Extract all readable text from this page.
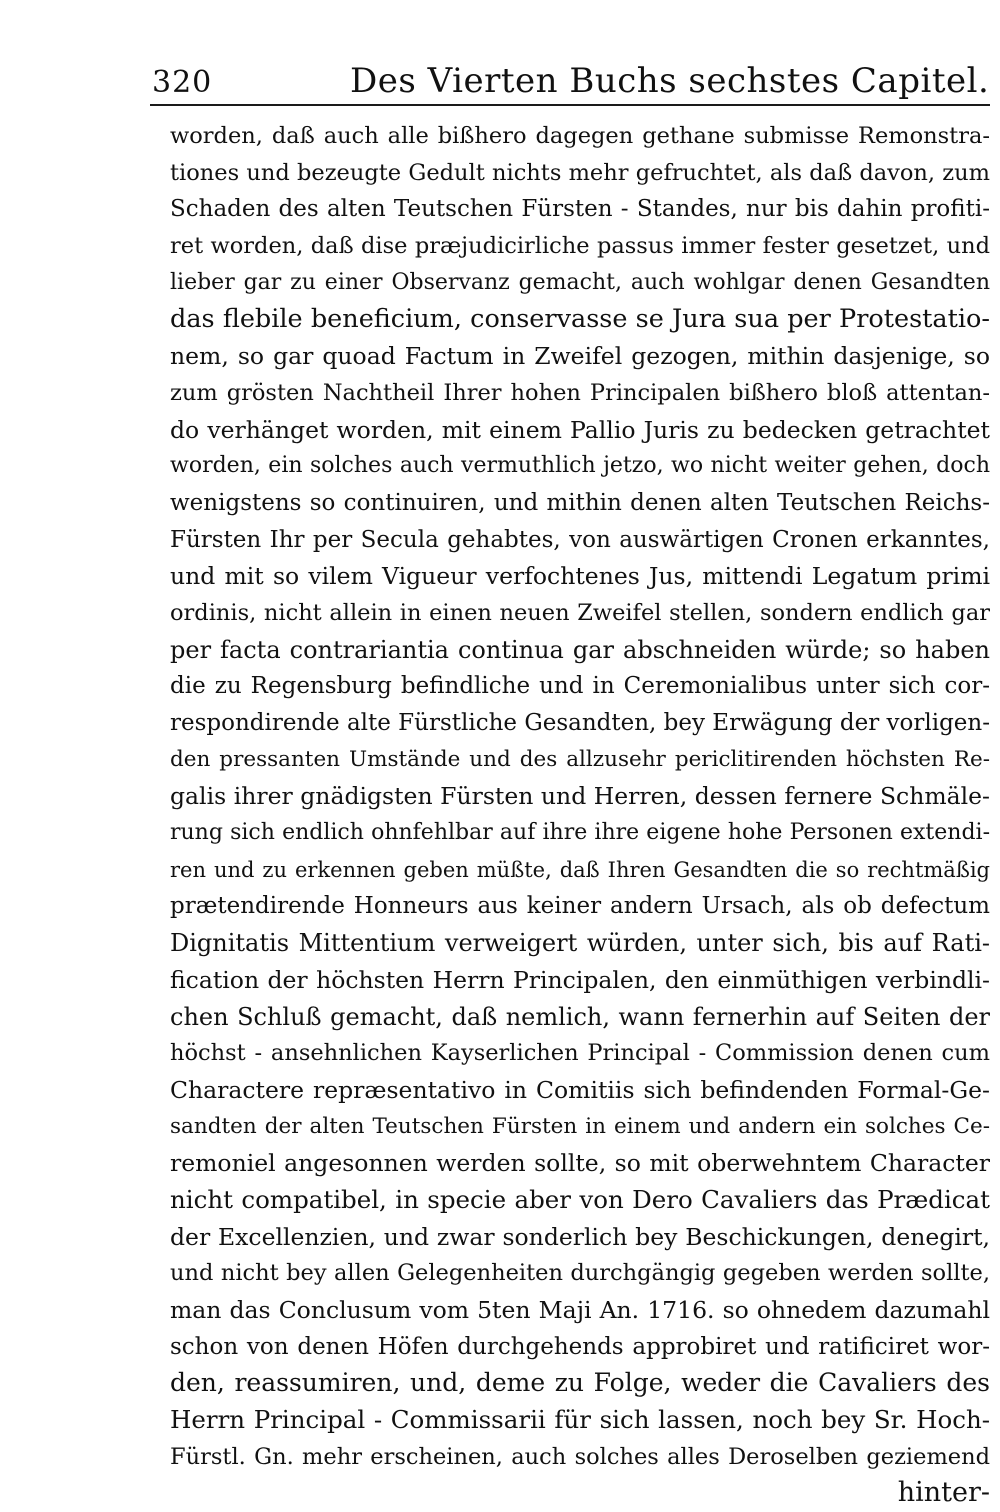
320	Des Vierten Buchs sechstes Capitel.
worden, daß auch alle bißhero dagegen gethane submisse Remonstra-
tiones und bezeugte Gedult nichts mehr gefruchtet, als daß davon, zum
Schaden des alten Teutschen Fürsten - Standes, nur bis dahin profiti-
ret worden, daß dise præjudicirliche passus immer fester gesetzet, und
lieber gar zu einer Observanz gemacht, auch wohlgar denen Gesandten
das flebile beneficium, conservasse se Jura sua per Protestatio-
nem, so gar quoad Factum in Zweifel gezogen, mithin dasjenige, so
zum grösten Nachtheil Ihrer hohen Principalen bißhero bloß attentan-
do verhänget worden, mit einem Pallio Juris zu bedecken getrachtet
worden, ein solches auch vermuthlich jetzo, wo nicht weiter gehen, doch
wenigstens so continuiren, und mithin denen alten Teutschen Reichs-
Fürsten Ihr per Secula gehabtes, von auswärtigen Cronen erkanntes,
und mit so vilem Vigueur verfochtenes Jus, mittendi Legatum primi
ordinis, nicht allein in einen neuen Zweifel stellen, sondern endlich gar
per facta contrariantia continua gar abschneiden würde; so haben
die zu Regensburg befindliche und in Ceremonialibus unter sich cor-
respondirende alte Fürstliche Gesandten, bey Erwägung der vorligen-
den pressanten Umstände und des allzusehr periclitirenden höchsten Re-
galis ihrer gnädigsten Fürsten und Herren, dessen fernere Schmäle-
rung sich endlich ohnfehlbar auf ihre ihre eigene hohe Personen extendi-
ren und zu erkennen geben müßte, daß Ihren Gesandten die so rechtmäßig
prætendirende Honneurs aus keiner andern Ursach, als ob defectum
Dignitatis Mittentium verweigert würden, unter sich, bis auf Rati-
fication der höchsten Herrn Principalen, den einmüthigen verbindli-
chen Schluß gemacht, daß nemlich, wann fernerhin auf Seiten der
höchst - ansehnlichen Kayserlichen Principal - Commission denen cum
Charactere repræsentativo in Comitiis sich befindenden Formal-Ge-
sandten der alten Teutschen Fürsten in einem und andern ein solches Ce-
remoniel angesonnen werden sollte, so mit oberwehntem Character
nicht compatibel, in specie aber von Dero Cavaliers das Prædicat
der Excellenzien, und zwar sonderlich bey Beschickungen, denegirt,
und nicht bey allen Gelegenheiten durchgängig gegeben werden sollte,
man das Conclusum vom 5ten Maji An. 1716. so ohnedem dazumahl
schon von denen Höfen durchgehends approbiret und ratificiret wor-
den, reassumiren, und, deme zu Folge, weder die Cavaliers des
Herrn Principal - Commissarii für sich lassen, noch bey Sr. Hoch-
Fürstl. Gn. mehr erscheinen, auch solches alles Deroselben geziemend
hinter-
